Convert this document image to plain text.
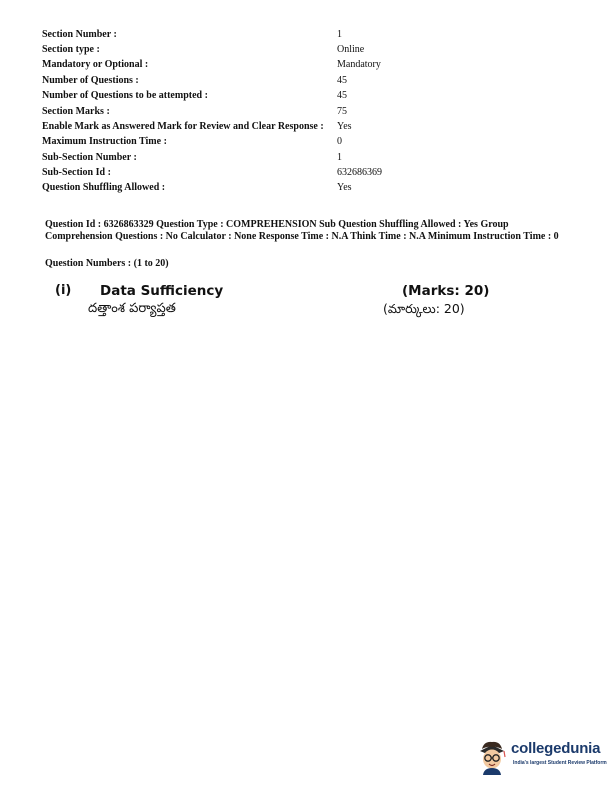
Section Number :	1
Section type :	Online
Mandatory or Optional :	Mandatory
Number of Questions :	45
Number of Questions to be attempted :	45
Section Marks :	75
Enable Mark as Answered Mark for Review and Clear Response :	Yes
Maximum Instruction Time :	0
Sub-Section Number :	1
Sub-Section Id :	632686369
Question Shuffling Allowed :	Yes
Question Id : 6326863329 Question Type : COMPREHENSION Sub Question Shuffling Allowed : Yes Group Comprehension Questions : No Calculator : None Response Time : N.A Think Time : N.A Minimum Instruction Time : 0
Question Numbers : (1 to 20)
(i) Data Sufficiency
దత్తాంశ పర్యాప్తత
(Marks: 20)
(మార్కులు: 20)
collegedunia
India's largest Student Review Platform
